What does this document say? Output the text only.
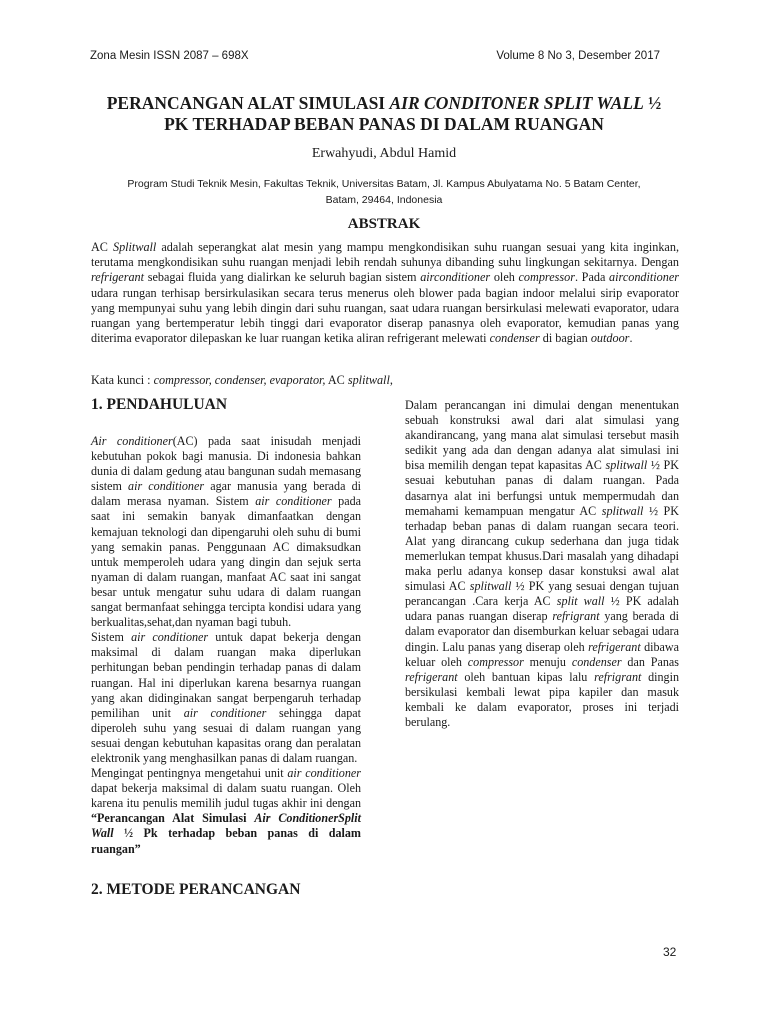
Zona Mesin ISSN 2087 – 698X	Volume 8 No 3, Desember 2017
PERANCANGAN ALAT SIMULASI AIR CONDITONER SPLIT WALL ½
PK TERHADAP BEBAN PANAS DI DALAM RUANGAN
Erwahyudi, Abdul Hamid
Program Studi Teknik Mesin, Fakultas Teknik, Universitas Batam, Jl. Kampus Abulyatama No. 5 Batam Center, Batam, 29464, Indonesia
ABSTRAK
AC Splitwall adalah seperangkat alat mesin yang mampu mengkondisikan suhu ruangan sesuai yang kita inginkan, terutama mengkondisikan suhu ruangan menjadi lebih rendah suhunya dibanding suhu lingkungan sekitarnya. Dengan refrigerant sebagai fluida yang dialirkan ke seluruh bagian sistem airconditioner oleh compressor. Pada airconditioner udara rungan terhisap bersirkulasikan secara terus menerus oleh blower pada bagian indoor melalui sirip evaporator yang mempunyai suhu yang lebih dingin dari suhu ruangan, saat udara ruangan bersirkulasi melewati evaporator, udara ruangan yang bertemperatur lebih tinggi dari evaporator diserap panasnya oleh evaporator, kemudian panas yang diterima evaporator dilepaskan ke luar ruangan ketika aliran refrigerant melewati condenser di bagian outdoor.
Kata kunci : compressor, condenser, evaporator, AC splitwall,
1. PENDAHULUAN

Air conditioner(AC) pada saat inisudah menjadi kebutuhan pokok bagi manusia. Di indonesia bahkan dunia di dalam gedung atau bangunan sudah memasang sistem air conditioner agar manusia yang berada di dalam merasa nyaman. Sistem air conditioner pada saat ini semakin banyak dimanfaatkan dengan kemajuan teknologi dan dipengaruhi oleh suhu di bumi yang semakin panas. Penggunaan AC dimaksudkan untuk memperoleh udara yang dingin dan sejuk serta nyaman di dalam ruangan, manfaat AC saat ini sangat besar untuk mengatur suhu udara di dalam ruangan sangat bermanfaat sehingga tercipta kondisi udara yang berkualitas,sehat,dan nyaman bagi tubuh.
Sistem air conditioner untuk dapat bekerja dengan maksimal di dalam ruangan maka diperlukan perhitungan beban pendingin terhadap panas di dalam ruangan. Hal ini diperlukan karena besarnya ruangan yang akan didinginakan sangat berpengaruh terhadap pemilihan unit air conditioner sehingga dapat diperoleh suhu yang sesuai di dalam ruangan yang sesuai dengan kebutuhan kapasitas orang dan peralatan elektronik yang menghasilkan panas di dalam ruangan.
Mengingat pentingnya mengetahui unit air conditioner dapat bekerja maksimal di dalam suatu ruangan. Oleh karena itu penulis memilih judul tugas akhir ini dengan “Perancangan Alat Simulasi Air ConditionerSplit Wall ½ Pk terhadap beban panas di dalam ruangan”

2. METODE PERANCANGAN

Dalam perancangan ini dimulai dengan menentukan sebuah konstruksi awal dari alat simulasi yang akandirancang, yang mana alat simulasi tersebut masih sedikit yang ada dan dengan adanya alat simulasi ini bisa memilih dengan tepat kapasitas AC splitwall ½ PK sesuai kebutuhan panas di dalam ruangan. Pada dasarnya alat ini berfungsi untuk mempermudah dan memahami kemampuan mengatur AC splitwall ½ PK terhadap beban panas di dalam ruangan secara teori. Alat yang dirancang cukup sederhana dan juga tidak memerlukan tempat khusus.Dari masalah yang dihadapi maka perlu adanya konsep dasar konstuksi awal alat simulasi AC splitwall ½ PK yang sesuai dengan tujuan perancangan .Cara kerja AC split wall ½ PK adalah udara panas ruangan diserap refrigrant yang berada di dalam evaporator dan disemburkan keluar sebagai udara dingin. Lalu panas yang diserap oleh refrigerant dibawa keluar oleh compressor menuju condenser dan Panas refrigerant oleh bantuan kipas lalu refrigrant dingin bersikulasi kembali lewat pipa kapiler dan masuk kembali ke dalam evaporator, proses ini terjadi berulang.

32
